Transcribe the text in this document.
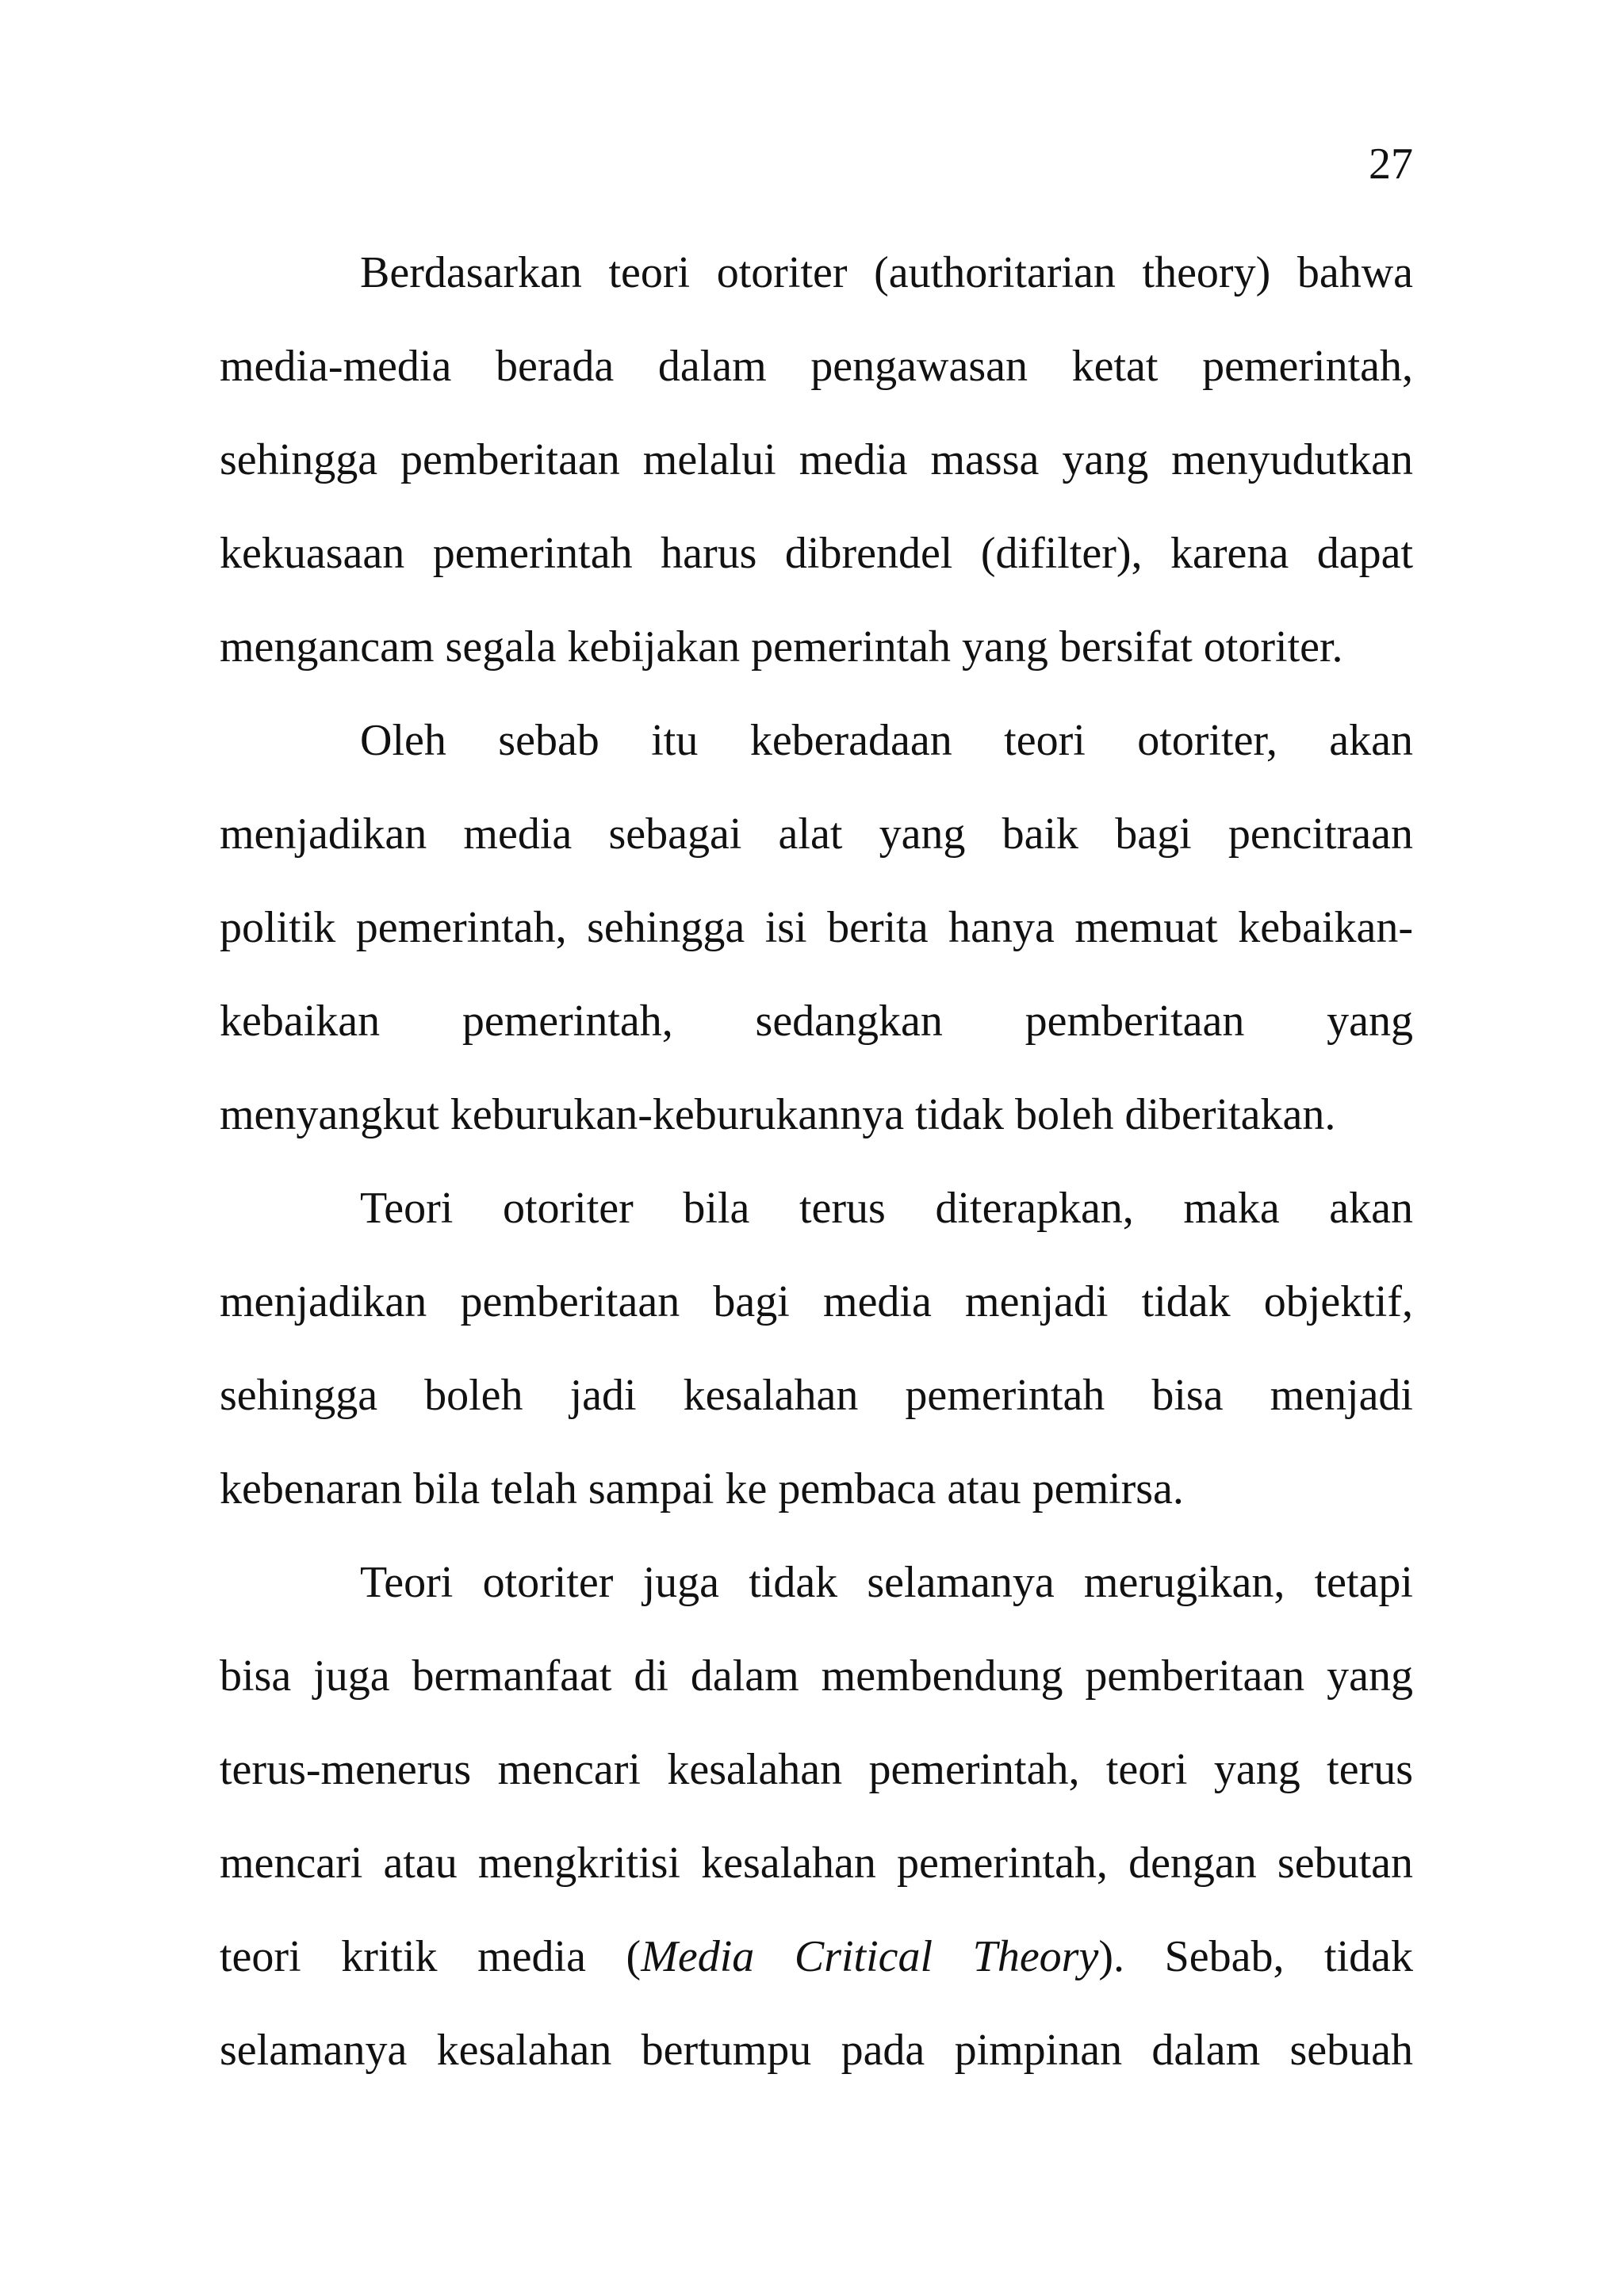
27
Berdasarkan teori otoriter (authoritarian theory) bahwa
media-media berada dalam pengawasan ketat pemerintah,
sehingga pemberitaan melalui media massa yang menyudutkan
kekuasaan pemerintah harus dibrendel (difilter), karena dapat
mengancam segala kebijakan pemerintah yang bersifat otoriter.
Oleh sebab itu keberadaan teori otoriter, akan
menjadikan media sebagai alat yang baik bagi pencitraan
politik pemerintah, sehingga isi berita hanya memuat kebaikan-
kebaikan pemerintah, sedangkan pemberitaan yang
menyangkut keburukan-keburukannya tidak boleh diberitakan.
Teori otoriter bila terus diterapkan, maka akan
menjadikan pemberitaan bagi media menjadi tidak objektif,
sehingga boleh jadi kesalahan pemerintah bisa menjadi
kebenaran bila telah sampai ke pembaca atau pemirsa.
Teori otoriter juga tidak selamanya merugikan, tetapi
bisa juga bermanfaat di dalam membendung pemberitaan yang
terus-menerus mencari kesalahan pemerintah, teori yang terus
mencari atau mengkritisi kesalahan pemerintah, dengan sebutan
teori kritik media (Media Critical Theory). Sebab, tidak
selamanya kesalahan bertumpu pada pimpinan dalam sebuah
